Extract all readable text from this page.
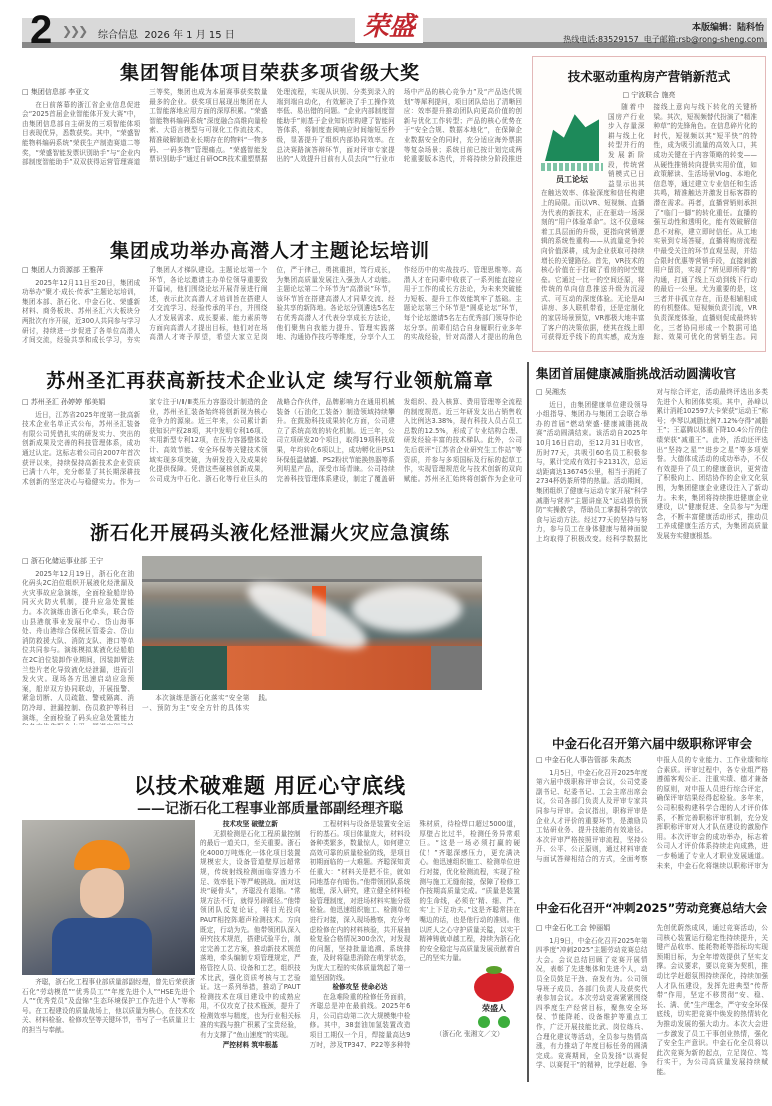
2 ❯❯❯ 综合信息 2026 年 1 月 15 日	荣盛	本版编辑：陆科怡
热线电话:83529157 电子邮箱:rsb@rong-sheng.com
集团智能体项目荣获多项省级大奖
□ 集团信息部 李亚文

在日前落幕的浙江省企业信息促进会“2025首届企业智能体开发大赛”中，由集团信息部自主研发的三项智能体项目表现优异，悉数获奖。其中，“荣盛智能物料编码系统”荣获生产制造赛道二等奖，“荣盛智能发票识别助手”与“企业内部制度智能助手”双双获得运营管理赛道三等奖，集团也成为本届赛事获奖数量最多的企业。获奖项目展现出集团在人工智能落地应用方面的深厚积累。“荣盛智能物料编码系统”深度融合高维向量检索、大语言模型与可视化工作流技术，精准破解制造业长期存在的物料“一物多码、一码多物”管理痛点。“荣盛智能发票识别助手”通过自研OCR技术重塑票据处理流程，实现从识别、分类到录入的端到端自动化，有效解决了手工操作效率低、易出错的问题。“企业内部制度智能助手”则基于企业知识库构建了智能问答体系，将制度查阅响应时间缩短至秒级，显著提升了组织内部协同效率。在总决赛路演答辩环节，面对评审专家提出的“人效提升目前有人员去向”“行业市场中产品的核心竞争力”及“产品迭代规划”等犀利提问，项目团队给出了清晰回应：效率提升推动团队向更高价值的创新与优化工作转型；产品的核心优势在于“安全合规、数据本地化”，在保障企业数据安全的同时，充分适应海外票据等复杂场景；系统目前已按计划完成两轮重要版本迭代，并将持续分阶段推进

集团成功举办高潜人才主题论坛培训
□ 集团人力资源部 王雅萍

2025年12月11日至20日，集团成功举办“聚才·成长·传承”主题论坛培训，集团本部、浙石化、中金石化、荣盛新材料、商务板块、苏州圣汇六大板块分两批次有序开展，近300人共同参与学习研讨，持续进一步促进了各单位高潜人才间交流，经验共享和成长学习，夯实了集团人才梯队建设。主题论坛第一个环节，各论坛邀请主办单位领导重要致开篇词，他们围绕论坛开展背景进行阐述，表示此次高潜人才培训旨在搭建人才交流学习、经验传承的平台，并围绕人才发展需求、成长要素、能力素质等方面向高潜人才提出目标，他们对在场高潜人才寄予厚望，希望大家立足岗位，严于律己，勇挑重担，笃行成长，为集团高质量发展注入强劲人才动能。主题论坛第二个环节为“高潜说”环节，该环节旨在搭建高潜人才同辈交流、经验共享的新阵地。各论坛分别遴选5名左右优秀高潜人才代表分享成长方法论，他们聚焦自我能力提升、管理实践落地、沟通协作技巧等维度，分享个人工作经历中的实战技巧、管理思维等。高潜人才在同辈中收获了一系列能直接应用于工作的成长方法论，为未来突破能力短板、提升工作效能筑牢了基础。主题论坛第三个环节是“圆桌论坛”环节，每个论坛邀请5名左右优秀部门领导作论坛分享。前辈们结合自身履职行业多年的实战经验，针对高潜人才提出的角色

苏州圣汇再获高新技术企业认定 续写行业领航篇章
□ 苏州圣汇 孙婷婷 郁美娟

近日，江苏省2025年度第一批高新技术企业名单正式公布，苏州圣汇装备有限公司凭借扎实的研发实力、突出的创新成果及完善的科技管理体系，成功通过认定。这标志着公司自2007年首次获评以来，持续保持高新技术企业资质已满十八年，充分彰显了其长期深耕技术创新的坚定决心与稳健实力。作为一家专注于Ⅰ/Ⅱ/Ⅲ类压力容器设计制造的企业，苏州圣汇装备始终将创新视为核心竞争力的源泉。近三年来，公司累计新获知识产权28项，其中发明专利16项、实用新型专利12项，在压力容器整体设计、高效节能、安全环保等关键技术领域实现多项突破，为研发投入及成果转化提供保障。凭借这些硬核创新成果，公司成为中石化、浙石化等行业巨头的战略合作伙伴，品牌影响力在通用机械装备（石油化工装备）制造领域持续攀升。在鼓励科技成果转化方面，公司建立了系统高效的转化机制。近三年，公司立项研发20个项目，取得19项科技成果，年均转化6项以上，成功孵化出PS1环保低温储罐、PS2粉状节能换热器等系列明星产品，深受市场青睐。公司持续完善科技管理体系建设，制定了覆盖研发组织、投入核算、费用管理等全流程的制度规范。近三年研发支出占销售收入比例达3.38%，现有科技人员占员工总数的12.5%，形成了专业结构合理、研发经验丰富的技术梯队。此外，公司先后获评“江苏省企业研究生工作站”等资质，并参与多项国标及行标的起草工作，实现管理规范化与技术创新的双向赋能。苏州圣汇始终将创新作为企业可

浙石化开展码头液化烃泄漏火灾应急演练
□ 浙石化储运事业部 王宁

2025年12月19日，浙石化在油化码头2C泊位组织开展液化烃泄漏及火灾事故应急演练，全面检验船岸协同灭火防火机制，提升应急处置能力。本次演练由浙石化牵头，联合岱山县港航事业发展中心、岱山海事处、舟山港综合保税区管委会、岱山消防救援大队、消防支队、港口等单位共同参与。演练模拟某液化烃船舶在2C泊位装卸作业期间，因装卸臂法兰垫片老化导致液化烃泄漏，进而引发火灾。现场各方迅速启动应急预案，船岸双方协同联动，开展报警、紧急切断、人员疏散、警戒隔离、消防冷却、泄漏控制、伤员救护等科目演练，全面检验了码头应急处置能力

本次演练是浙石化落实“安全第一、预防为主”安全方针的具体实践。

以技术破难题 用匠心守底线
——记浙石化工程事业部质量部副经理齐聪

齐聪，浙石化工程事业部质量部副经理，曾先后荣获浙石化“劳动模范”“优秀员工”“年度先进个人”“HSE先进个人”“优秀党员”及盘锦“生态环境保护工作先进个人”等称号。在工程建设的质量战场上，他以质量为核心，在技术攻关、材料检验、检修攻坚等关键环节，书写了一名质量卫士的担当与奉献。

技术攻坚 破壁立新

无损检测是石化工程质量控制的最后一道关口，至关重要。浙石化4000万吨炼化一体化项目装置规模宏大，设备管道壁厚远超常规，传统射线检测面临穿透力不足、效率低下等严峻挑战。面对这块“硬骨头”，齐聪没有退缩。“常规方法不行，就得另辟蹊径。”他带领团队反复论证，将目光投向PAUT相控阵超声检测技术。方向既定，行动为先。他带领团队深入研究技术规范，搭建试验平台，制定完善工艺方案，推动新技术规范落地，牵头编制专项管理规定，严格管控人员、设备和工艺，组织技术比武，强化资质考核与工艺验证。这一系列举措，推动了PAUT检测技术在项目建设中的成熟应用，不仅攻克了技术瓶颈，提升了检测效率与精度，也为行业相关标准的实践与推广积累了宝贵经验，有力支撑了“鱼山速度”的实现。

严控材料 筑牢根基

工程材料与设备是装置安全运行的基石。项目体量庞大，材料设备种类繁多，数量惊人，如何建立高效可靠的质量检验防线，是项目初期面临的一大难题。齐聪深知责任重大：“材料关是把不住，就如同地基存有暗伤。”他带领团队系统梳理，深入研究，建立健全材料检验管理制度，对进场材料实施分级检验。他迅速组织施工、检测单位进行对接，深入现场勘察，充分考虑检修在内的材料核验，共开展抽检复验合格情况300余次，对发现的问题，坚持批量追溯、系统排查，及时将隐患消除在萌芽状态，为庞大工程的实体质量筑起了第一道坚固防线。

检修攻坚 使命必达

在急难险重的检修任务面前，齐聪总是冲在最前线。2025年6月，公司启动第二次大规模集中检修。其中，38套油加氢装置改造项目工期仅一个月，焊接量高达9万吋，涉及TP347、P22等多种特殊材质，待检焊口超过5000道，厚壁占比过半，检测任务异常艰巨。“这是一场必须打赢的硬仗！”齐聪深感压力，更充满决心。他迅速组织施工、检测单位进行对接，优化检测流程，实现了检测与施工无缝衔接，保障了检修工作按期高质量完成。“质量是装置的生命线，必须在‘精、细、严、实’上下足功夫。”这是齐聪常挂在嘴边的话，也是他行动的准则。他以匠人之心守护质量关隘，以实干精神铸就卓越工程，持续为浙石化的安全稳定与高质量发展贡献着自己的坚实力量。

荣盛人

（浙石化 张湘文／文）

技术驱动重构房产营销新范式
□ 宁波联合 施亮
员工论坛

随着中国房产行业步入存量深耕与线上化转型并行的发展新阶段，传统营销模式已日益显示出其在触达效率、体验深度和信任构建上的局限。而以VR、短视频、直播为代表的新技术，正在驱动一场深刻的“用户体验革命”。这不仅意味着工具层面的升级，更指向营销逻辑的系统性重构——从流量竞争转向价值深耕，成为企业获取可持续增长的关键路径。首先，VR技术的核心价值在于打破了看房的时空壁垒。它通过一比一的空间还原，将传统的单向信息推送升级为沉浸式、可互动的深度体验。无论是AI讲房、多人联机带看，还是定制化的家居场景预览，VR都极大地丰富了客户的决策依据，使其在线上即可获得近乎线下的真实感，成为连接线上意向与线下转化的关键桥梁。其次，短视频替代扮演了“精准种草”的先锋角色。在信息碎片化的时代，短视频以其“短平快”的特性，成为吸引流量的高效入口，其成功关键在于内容策略的转变——从硬性推销转向提供实用价值，如政策解读、生活场景Vlog、本地化信息等，通过建立专业信任和生活共鸣，精准触达并激发目标客群的潜在需求。再者，直播营销则承担了“临门一脚”的转化重任。直播的强互动性和透明化，能有效破解信息不对称，建立即时信任。从工地实景到专场答疑，直播将购房流程中最受关注的环节直观呈现，并结合限时优惠等营销手段，直接刺激用户留资，实现了“所见即所得”的沟通，打通了线上互动到线下行动的最后一公里。尤为重要的是，这三者并非孤立存在，而是相辅相成的有机整体。短视频负责引流，VR负责深度体验，直播则促成最终转化，三者协同形成一个数据可追踪、效果可优化的营销生态。同

集团首届健康减脂挑战活动圆满收官
□ 吴湘杰

近日，由集团健康单位建设领导小组指导、集团办与集团工会联合举办的首届“燃动荣盛·健康减脂挑战赛”活动圆满结束。该活动自2025年10月16日启动，至12月31日收官，历时77天，共吸引60名员工积极参与，累计完成有效打卡2131次，总运动距离达136745公里，相当于消耗了2734杯奶茶所带的热量。活动期间，集团组织了健康与运动专家开展“科学减脂与营养”主题讲座及“运动损伤预防”实操教学，帮助员工掌握科学的饮食与运动方法。经过77天的坚持与努力，参与员工在身体健康与精神面貌上均取得了积极改变。经科学数据比对与综合评定，活动最终评选出多类先进个人和团体奖项。其中，孙峰以累计消耗102597大卡荣获“运动王”称号；李琴以减脂比例7.12%夺得“减脂王”；王嘉腾以体重下降10.4公斤的佳绩荣获“减重王”。此外，活动还评选出“坚持之星”“进步之星”等多项荣誉。大德体成活动的成功举办，不仅有效提升了员工的健康意识，更营造了积极向上、团结协作的企业文化氛围，为集团健康企业建设注入了新动力。未来，集团将持续推进健康企业建设，以“健康促进、全员参与”为理念，不断丰富健康活动形式，推动员工养成健康生活方式，为集团高质量发展夯实健康根基。

中金石化召开第六届中级职称评审会
□ 中金石化人事告管部 朱高杰

1月5日，中金石化召开2025年度第六届中级职称评审会议，公司党委副书记、纪委书记、工会主席出席会议，公司各部门负责人及评审专家共同参与评审。会议指出，职称评审是企业人才评价的重要环节，是激励员工钻研业务、提升技能的有效途径。本次评审严格按照评审流程，坚持公开、公平、公正原则，通过材料审查与面试答辩相结合的方式，全面考察申报人员的专业能力、工作业绩和综合素质。评审过程中，各专业组严格遵循客观公正、注重实绩、德才兼备的原则，对申报人员进行综合评定，确保评审结果经得起检验。多年来，公司积极构建科学合理的人才评价体系，不断完善职称评审机制，充分发挥职称评审对人才队伍建设的激励作用。本次评审会的成功举办，标志着公司人才评价体系持续走向成熟，进一步畅通了专业人才职业发展通道。未来，中金石化将继续以职称评审为

中金石化召开“冲刺2025”劳动竞赛总结大会
□ 中金石化工会 钟丽娟

1月9日，中金石化召开2025年第四季度“冲刺2025”主题劳动竞赛总结大会。会议总结回顾了竞赛开展情况，表彰了先进集体和先进个人，动员全员鼓足干劲、奋发有为。公司领导班子成员、各部门负责人及获奖代表参加会议。本次劳动竞赛紧紧围绕四季度生产经营目标，聚焦安全环保、节能降耗、设备维护等重点工作，广泛开展技能比武、岗位练兵、合理化建议等活动，全员参与热情高涨，有力推动了年度目标任务的圆满完成。竞赛期间，全员发扬“以赛促学、以赛促干”的精神，比学赶超、争先创优蔚然成风，通过竞赛活动，公司核心装置运行稳定性持续提升，关键产品收率、能耗物耗等指标均实现预期目标，为全年增效提供了坚实支撑。会议要求，要以竞赛为契机，推动比学赶超氛围持续深化，持续加强人才队伍建设，发挥先进典型“传帮带”作用，坚定不移贯彻“安、稳、长、满、优”生产理念，严守安全环保底线，切实把竞赛中焕发的热情转化为推动发展的强大动力。本次大会进一步激发了员工干事创业热情，强化了安全生产意识。中金石化全员将以此次竞赛为新的起点，立足岗位、笃行实干，为公司高质量发展持续赋能。
